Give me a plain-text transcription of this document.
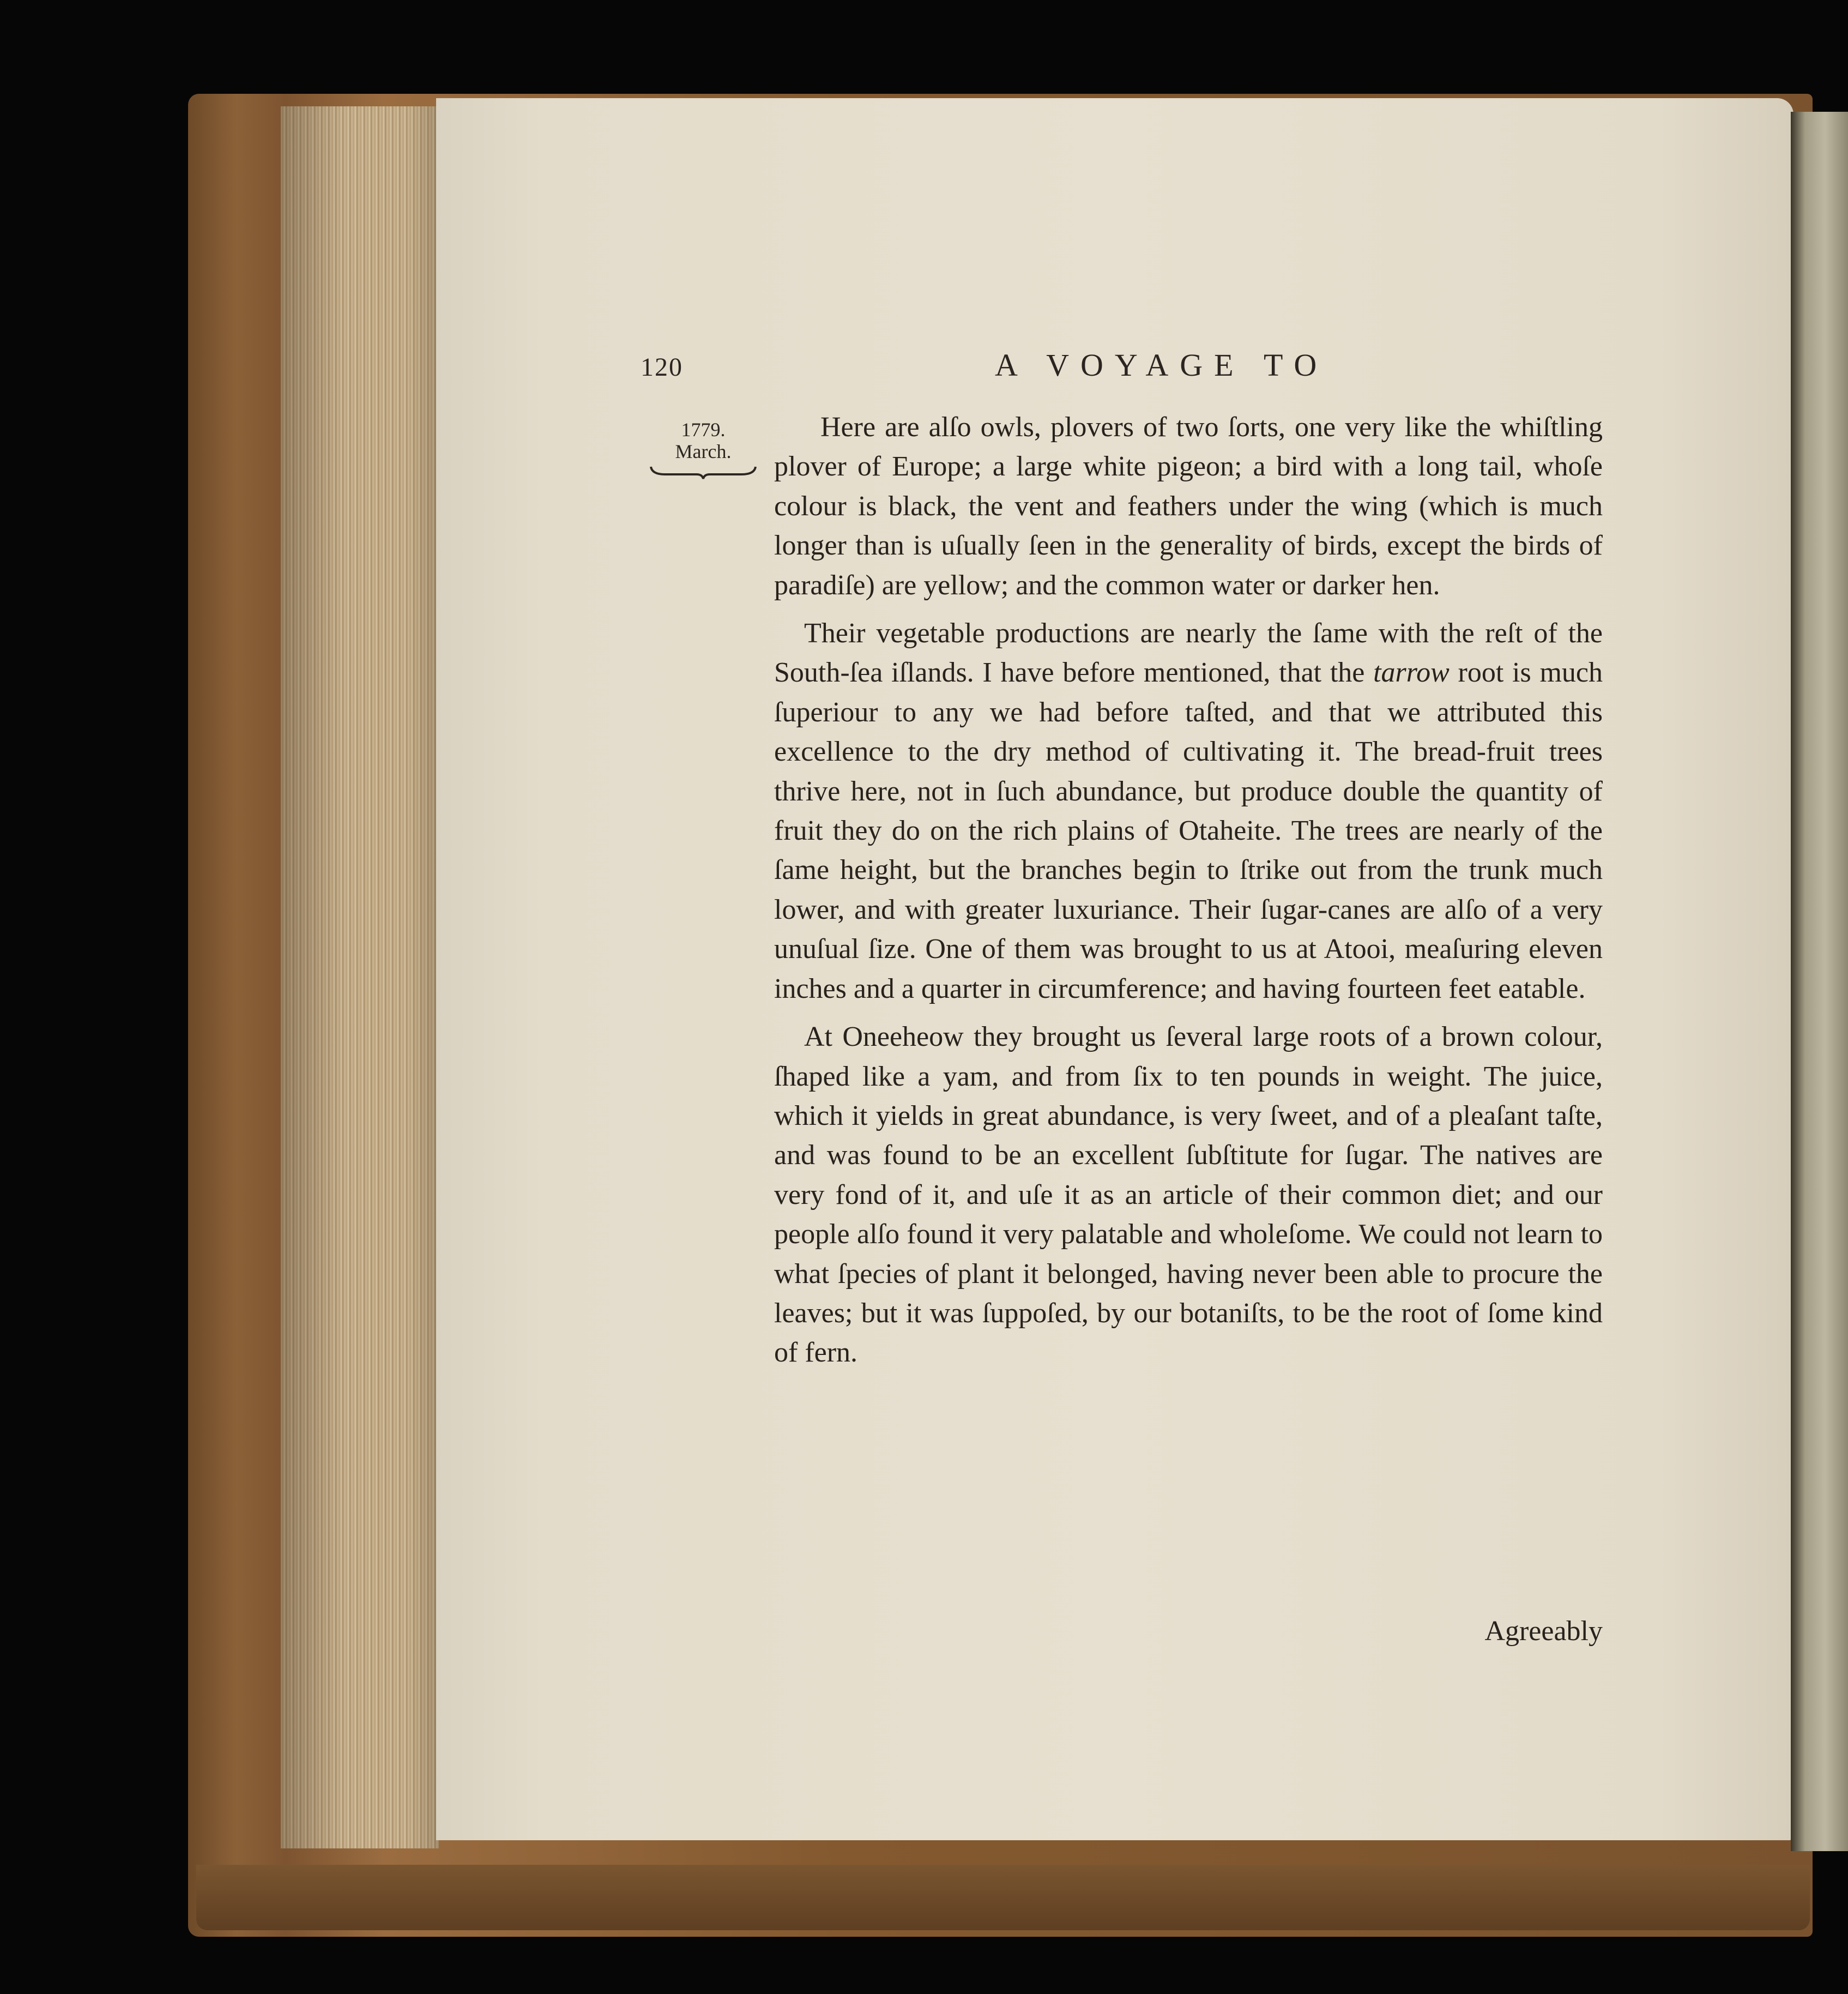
120	A VOYAGE TO
1779.
March.

Here are alſo owls, plovers of two ſorts, one very like the whiſtling plover of Europe; a large white pigeon; a bird with a long tail, whoſe colour is black, the vent and feathers under the wing (which is much longer than is uſually ſeen in the generality of birds, except the birds of paradiſe) are yellow; and the common water or darker hen.

Their vegetable productions are nearly the ſame with the reſt of the South-ſea iſlands. I have before mentioned, that the tarrow root is much ſuperiour to any we had before taſted, and that we attributed this excellence to the dry method of cultivating it. The bread-fruit trees thrive here, not in ſuch abundance, but produce double the quantity of fruit they do on the rich plains of Otaheite. The trees are nearly of the ſame height, but the branches begin to ſtrike out from the trunk much lower, and with greater luxuriance. Their ſugar-canes are alſo of a very unuſual ſize. One of them was brought to us at Atooi, meaſuring eleven inches and a quarter in circumference; and having fourteen feet eatable.

At Oneeheow they brought us ſeveral large roots of a brown colour, ſhaped like a yam, and from ſix to ten pounds in weight. The juice, which it yields in great abundance, is very ſweet, and of a pleaſant taſte, and was found to be an excellent ſubſtitute for ſugar. The natives are very fond of it, and uſe it as an article of their common diet; and our people alſo found it very palatable and wholeſome. We could not learn to what ſpecies of plant it belonged, having never been able to procure the leaves; but it was ſuppoſed, by our botaniſts, to be the root of ſome kind of fern.

Agreeably
